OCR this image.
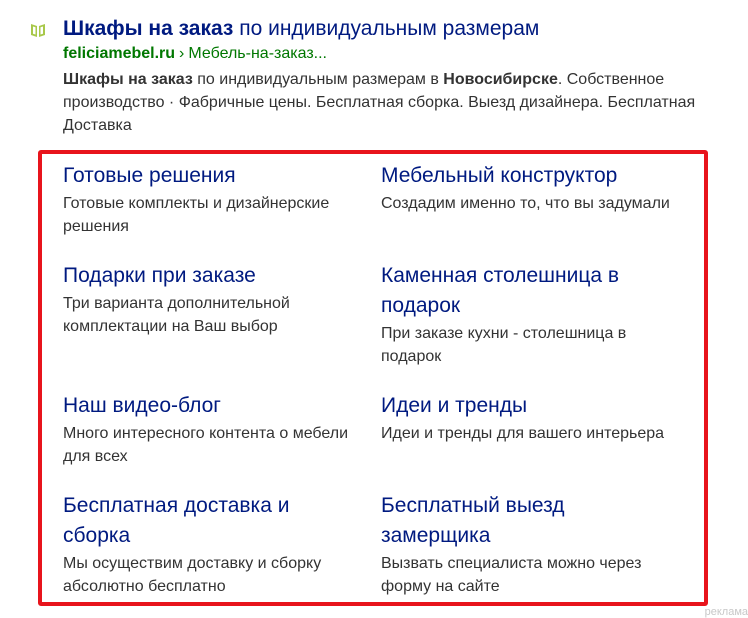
Шкафы на заказ по индивидуальным размерам
feliciamebel.ru › Мебель-на-заказ...
Шкафы на заказ по индивидуальным размерам в Новосибирске. Собственное производство · Фабричные цены. Бесплатная сборка. Выезд дизайнера. Бесплатная Доставка
Готовые решения
Готовые комплекты и дизайнерские решения
Мебельный конструктор
Создадим именно то, что вы задумали
Подарки при заказе
Три варианта дополнительной комплектации на Ваш выбор
Каменная столешница в подарок
При заказе кухни - столешница в подарок
Наш видео-блог
Много интересного контента о мебели для всех
Идеи и тренды
Идеи и тренды для вашего интерьера
Бесплатная доставка и сборка
Мы осуществим доставку и сборку абсолютно бесплатно
Бесплатный выезд замерщика
Вызвать специалиста можно через форму на сайте
реклама
